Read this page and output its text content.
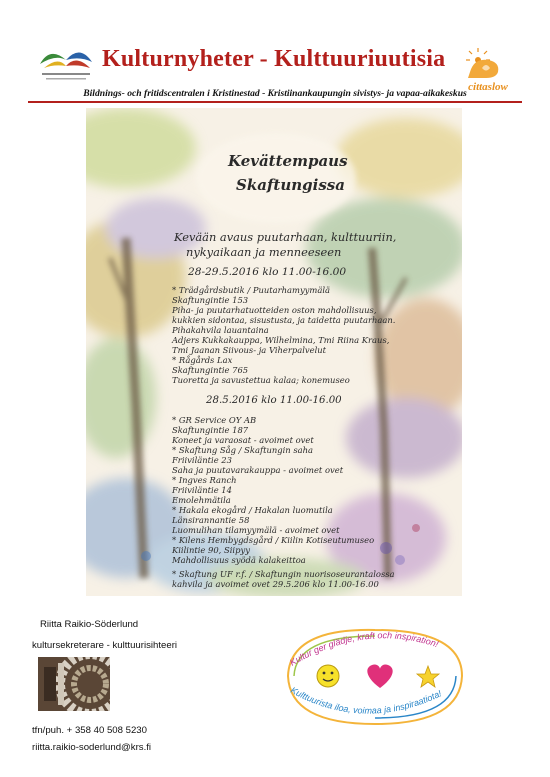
Kulturnyheter - Kulttuuriuutisia
cittaslow
Bildnings- och fritidscentralen i Kristinestad - Kristiinankaupungin sivistys- ja vapaa-aikakeskus
Kevättempaus
Skaftungissa
Kevään avaus puutarhaan, kulttuuriin,
nykyaikaan ja menneeseen
28-29.5.2016 klo 11.00-16.00
* Trädgårdsbutik / Puutarhamyymälä
Skaftungintie 153
Piha- ja puutarhatuotteiden oston mahdollisuus,
kukkien sidontaa, sisustusta, ja taidetta puutarhaan.
Pihakahvila lauantaina
Adjers Kukkakauppa, Wilhelmina, Tmi Riina Kraus,
Tmi Jaanan Siivous- ja Viherpalvelut
* Rågårds Lax
Skaftungintie 765
Tuoretta ja savustettua kalaa; konemuseo
28.5.2016 klo 11.00-16.00
* GR Service OY AB
Skaftungintie 187
Koneet ja varaosat - avoimet ovet
* Skaftung Såg / Skaftungin saha
Friiviläntie 23
Saha ja puutavarakauppa - avoimet ovet
* Ingves Ranch
Friiviläntie 14
Emolehmätila
* Hakala ekogård / Hakalan luomutila
Länsirannantie 58
Luomulihan tilamyymälä - avoimet ovet
* Kilens Hembygdsgård / Kiilin Kotiseutumuseo
Kiilintie 90, Siipyy
Mahdollisuus syödä kalakeittoa
* Skaftung UF r.f. / Skaftungin nuorisoseurantalossa
kahvila ja avoimet ovet 29.5.206 klo 11.00-16.00
Riitta Raikio-Söderlund
kultursekreterare - kulttuurisihteeri
tfn/puh. + 358 40 508 5230
riitta.raikio-soderlund@krs.fi
Kultur ger glädje, kraft och inspiration!
Kulttuurista iloa, voimaa ja inspiraatiota!
